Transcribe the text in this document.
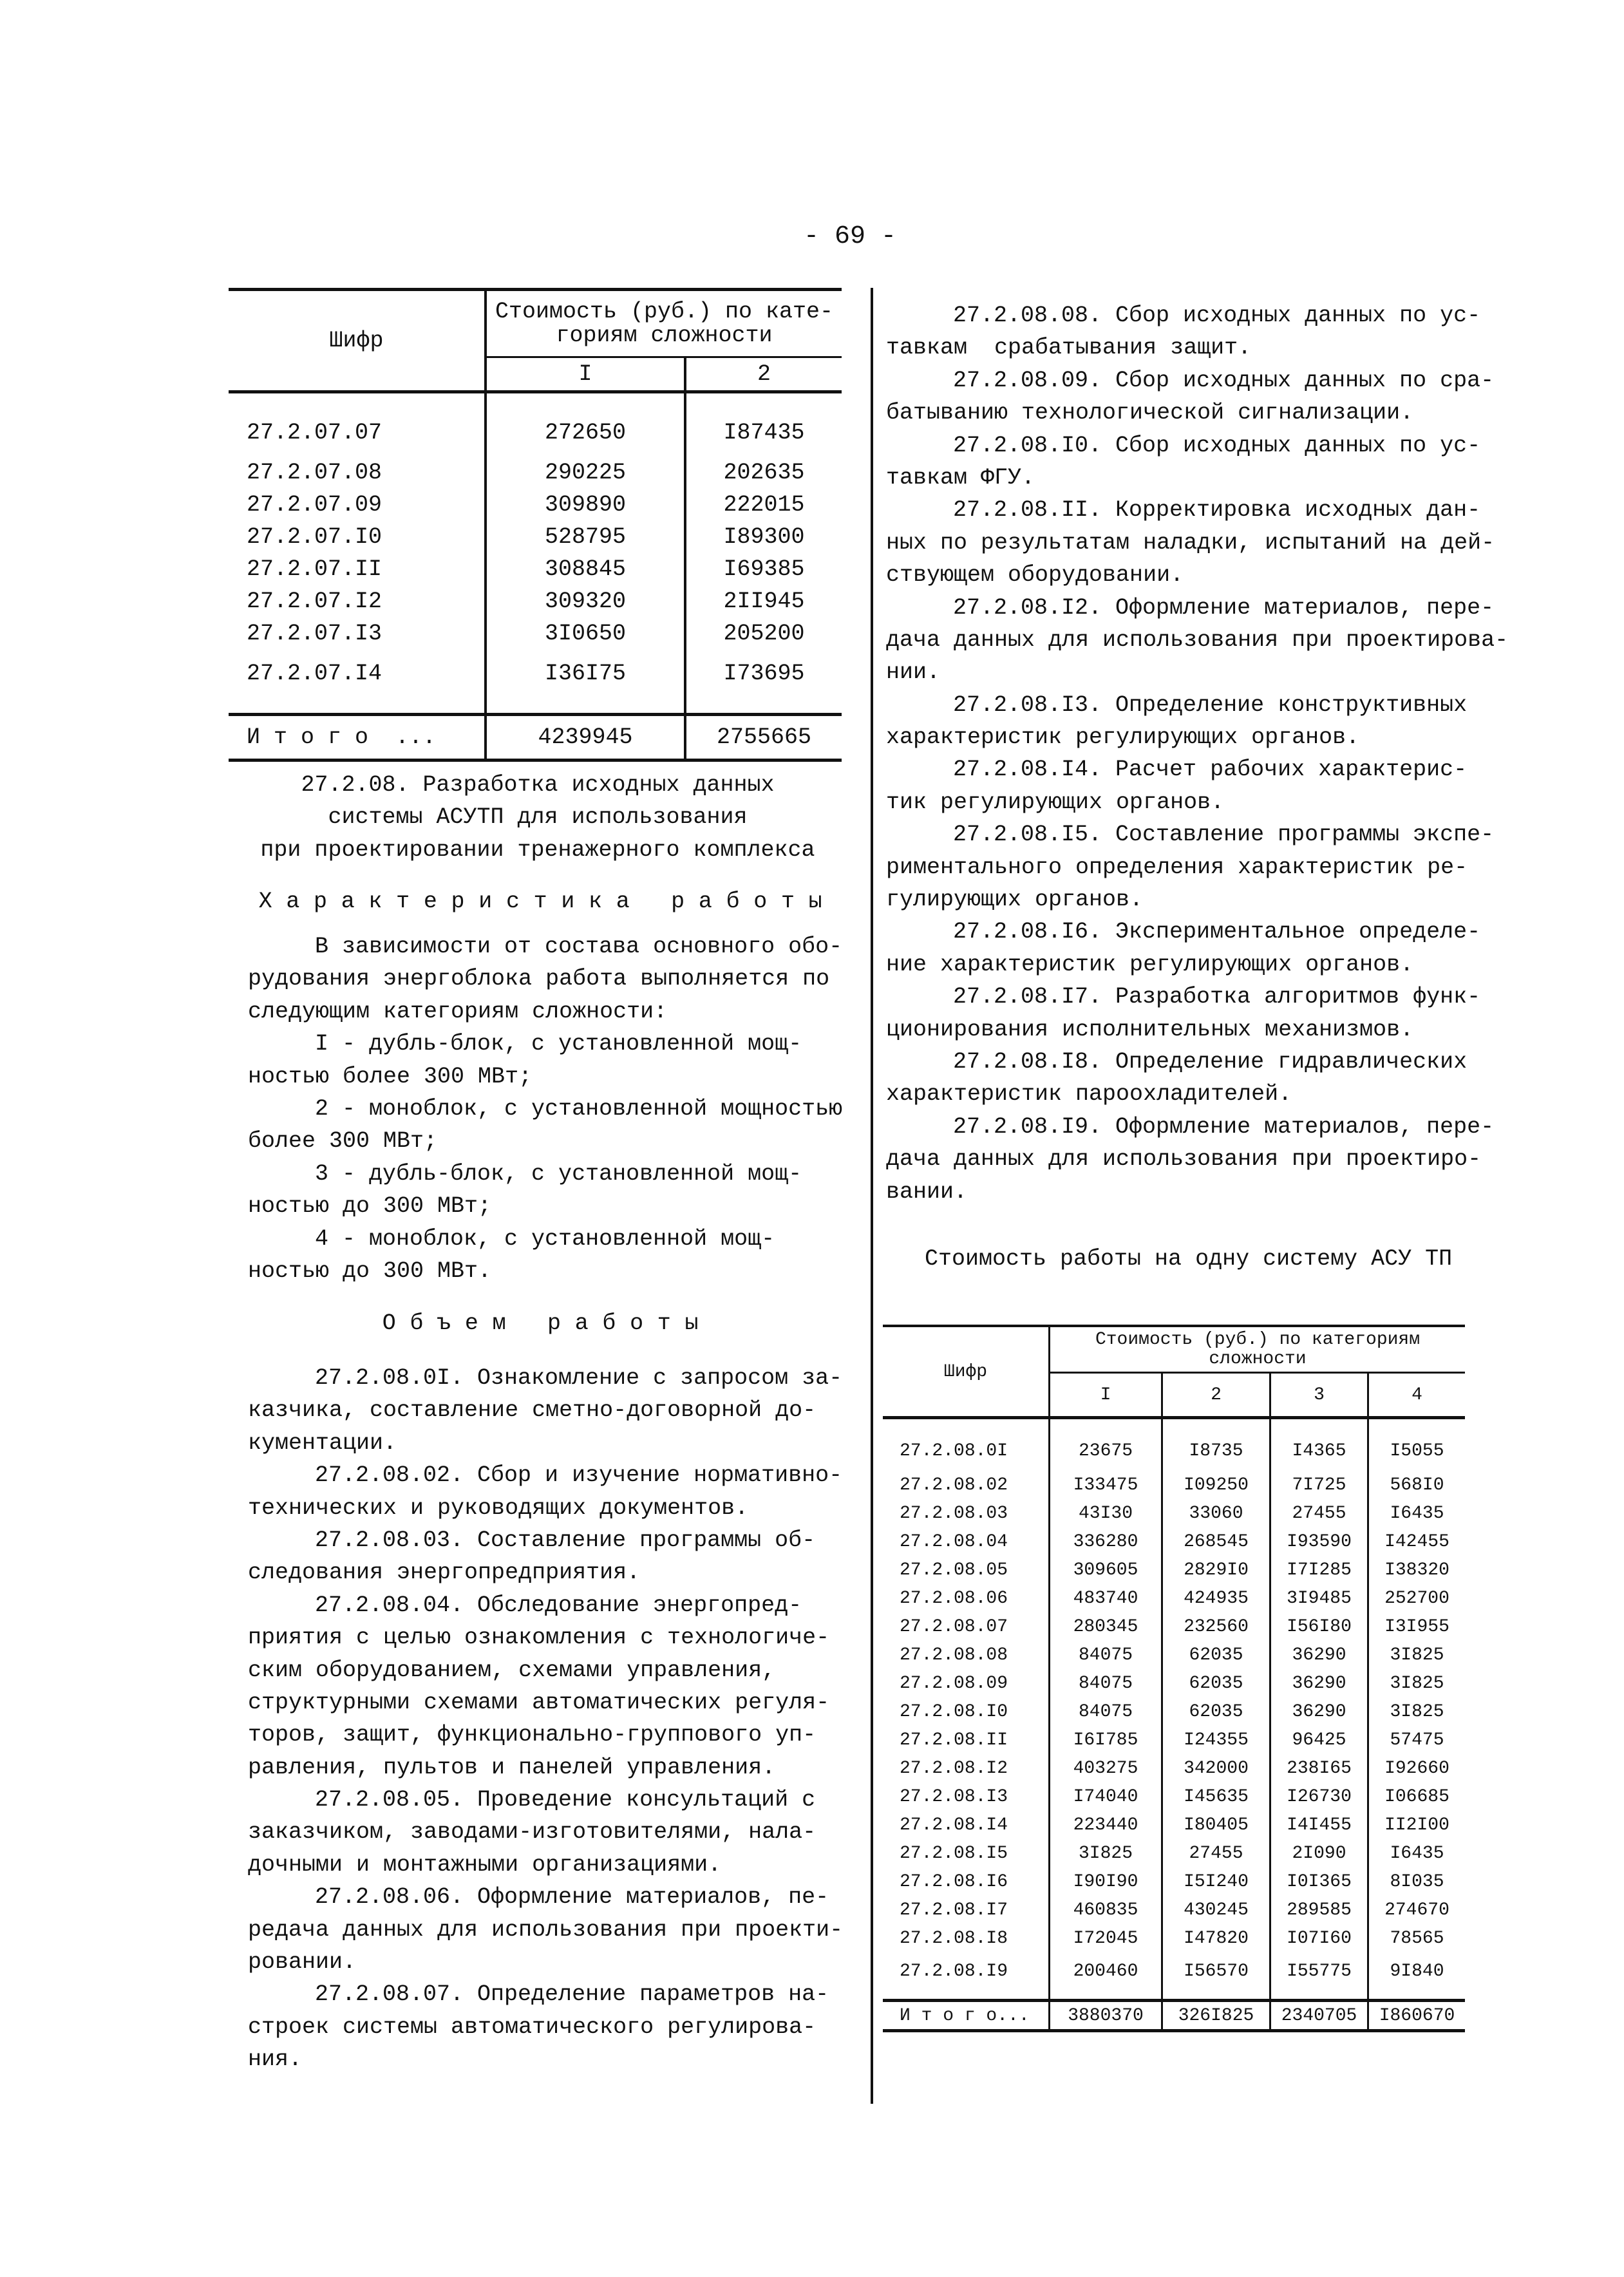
- 69 -
Шифр	Стоимость (руб.) по кате-
гориям сложности	
	I	2
27.2.07.07	272650	I87435
27.2.07.08	290225	202635
27.2.07.09	309890	222015
27.2.07.I0	528795	I89300
27.2.07.II	308845	I69385
27.2.07.I2	309320	2II945
27.2.07.I3	3I0650	205200
27.2.07.I4	I36I75	I73695
И т о г о  ...	4239945	2755665
27.2.08. Разработка исходных данных
системы АСУТП для использования
при проектировании тренажерного комплекса
Характеристика работы
В зависимости от состава основного обо-
рудования энергоблока работа выполняется по
следующим категориям сложности:
I - дубль-блок, с установленной мощ-
ностью более 300 МВт;
2 - моноблок, с установленной мощностью
более 300 МВт;
3 - дубль-блок, с установленной мощ-
ностью до 300 МВт;
4 - моноблок, с установленной мощ-
ностью до 300 МВт.
Объем работы
27.2.08.0I. Ознакомление с запросом за-
казчика, составление сметно-договорной до-
кументации.
27.2.08.02. Сбор и изучение нормативно-
технических и руководящих документов.
27.2.08.03. Составление программы об-
следования энергопредприятия.
27.2.08.04. Обследование энергопред-
приятия с целью ознакомления с технологиче-
ским оборудованием, схемами управления,
структурными схемами автоматических регуля-
торов, защит, функционально-группового уп-
равления, пультов и панелей управления.
27.2.08.05. Проведение консультаций с
заказчиком, заводами-изготовителями, нала-
дочными и монтажными организациями.
27.2.08.06. Оформление материалов, пе-
редача данных для использования при проекти-
ровании.
27.2.08.07. Определение параметров на-
строек системы автоматического регулирова-
ния.
27.2.08.08. Сбор исходных данных по ус-
тавкам  срабатывания защит.
27.2.08.09. Сбор исходных данных по сра-
батыванию технологической сигнализации.
27.2.08.I0. Сбор исходных данных по ус-
тавкам ФГУ.
27.2.08.II. Корректировка исходных дан-
ных по результатам наладки, испытаний на дей-
ствующем оборудовании.
27.2.08.I2. Оформление материалов, пере-
дача данных для использования при проектирова-
нии.
27.2.08.I3. Определение конструктивных
характеристик регулирующих органов.
27.2.08.I4. Расчет рабочих характерис-
тик регулирующих органов.
27.2.08.I5. Составление программы экспе-
риментального определения характеристик ре-
гулирующих органов.
27.2.08.I6. Экспериментальное определе-
ние характеристик регулирующих органов.
27.2.08.I7. Разработка алгоритмов функ-
ционирования исполнительных механизмов.
27.2.08.I8. Определение гидравлических
характеристик пароохладителей.
27.2.08.I9. Оформление материалов, пере-
дача данных для использования при проектиро-
вании.
Стоимость работы на одну систему АСУ ТП
Шифр	Стоимость (руб.) по категориям
сложности			
	I	2	3	4
27.2.08.0I	23675	I8735	I4365	I5055
27.2.08.02	I33475	I09250	7I725	568I0
27.2.08.03	43I30	33060	27455	I6435
27.2.08.04	336280	268545	I93590	I42455
27.2.08.05	309605	2829I0	I7I285	I38320
27.2.08.06	483740	424935	3I9485	252700
27.2.08.07	280345	232560	I56I80	I3I955
27.2.08.08	84075	62035	36290	3I825
27.2.08.09	84075	62035	36290	3I825
27.2.08.I0	84075	62035	36290	3I825
27.2.08.II	I6I785	I24355	96425	57475
27.2.08.I2	403275	342000	238I65	I92660
27.2.08.I3	I74040	I45635	I26730	I06685
27.2.08.I4	223440	I80405	I4I455	II2I00
27.2.08.I5	3I825	27455	2I090	I6435
27.2.08.I6	I90I90	I5I240	I0I365	8I035
27.2.08.I7	460835	430245	289585	274670
27.2.08.I8	I72045	I47820	I07I60	78565
27.2.08.I9	200460	I56570	I55775	9I840
И т о г о...	3880370	326I825	2340705	I860670
